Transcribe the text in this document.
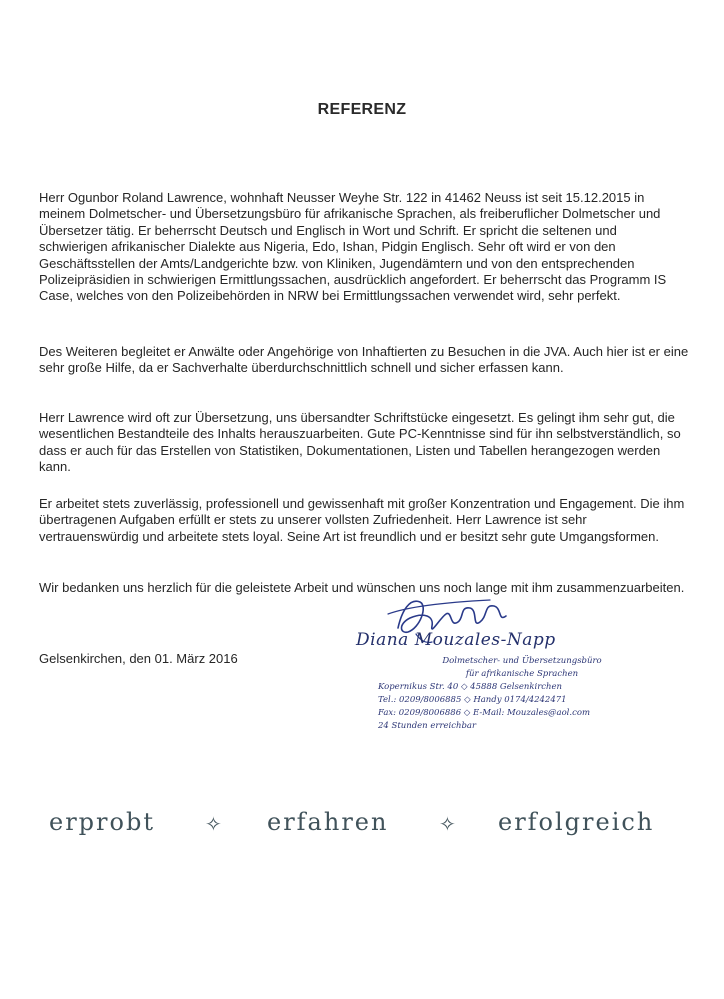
REFERENZ

Herr Ogunbor Roland Lawrence, wohnhaft Neusser Weyhe Str. 122 in 41462 Neuss ist seit 15.12.2015 in meinem Dolmetscher- und Übersetzungsbüro für afrikanische Sprachen, als freiberuflicher Dolmetscher und Übersetzer tätig. Er beherrscht Deutsch und Englisch in Wort und Schrift. Er spricht die seltenen und schwierigen afrikanischer Dialekte aus Nigeria, Edo, Ishan, Pidgin Englisch. Sehr oft wird er von den Geschäftsstellen der Amts/Landgerichte bzw. von Kliniken, Jugendämtern und von den entsprechenden Polizeipräsidien in schwierigen Ermittlungssachen, ausdrücklich angefordert. Er beherrscht das Programm IS Case, welches von den Polizeibehörden in NRW bei Ermittlungssachen verwendet wird, sehr perfekt.

Des Weiteren begleitet er Anwälte oder Angehörige von Inhaftierten zu Besuchen in die JVA. Auch hier ist er eine sehr große Hilfe, da er Sachverhalte überdurchschnittlich schnell und sicher erfassen kann.

Herr Lawrence wird oft zur Übersetzung, uns übersandter Schriftstücke eingesetzt. Es gelingt ihm sehr gut, die wesentlichen Bestandteile des Inhalts herauszuarbeiten. Gute PC-Kenntnisse sind für ihn selbstverständlich, so dass er auch für das Erstellen von Statistiken, Dokumentationen, Listen und Tabellen herangezogen werden kann.

Er arbeitet stets zuverlässig, professionell und gewissenhaft mit großer Konzentration und Engagement. Die ihm übertragenen Aufgaben erfüllt er stets zu unserer vollsten Zufriedenheit. Herr Lawrence ist sehr vertrauenswürdig und arbeitete stets loyal. Seine Art ist freundlich und er besitzt sehr gute Umgangsformen.

Wir bedanken uns herzlich für die geleistete Arbeit und wünschen uns noch lange mit ihm zusammenzuarbeiten.

Gelsenkirchen, den 01. März 2016
Diana Mouzales-Napp
Dolmetscher- und Übersetzungsbüro
für afrikanische Sprachen
Kopernikus Str. 40 ◇ 45888 Gelsenkirchen
Tel.: 0209/8006885 ◇ Handy 0174/4242471
Fax: 0209/8006886 ◇ E-Mail: Mouzales@aol.com
24 Stunden erreichbar
erprobt	✧ erfahren	✧ erfolgreich
